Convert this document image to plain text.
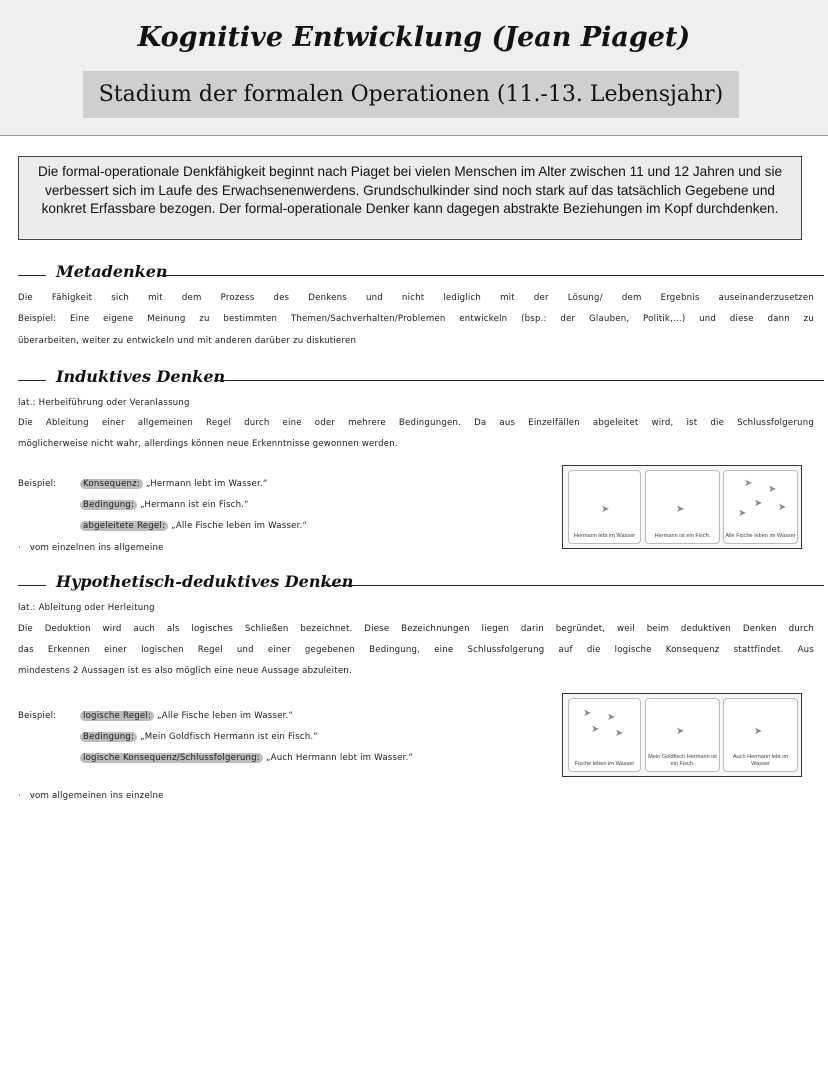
Kognitive Entwicklung (Jean Piaget)
Stadium der formalen Operationen (11.-13. Lebensjahr)
Die formal-operationale Denkfähigkeit beginnt nach Piaget bei vielen Menschen im Alter zwischen 11 und 12 Jahren und sie verbessert sich im Laufe des Erwachsenenwerdens. Grundschulkinder sind noch stark auf das tatsächlich Gegebene und konkret Erfassbare bezogen. Der formal-operationale Denker kann dagegen abstrakte Beziehungen im Kopf durchdenken.
Metadenken
Die Fähigkeit sich mit dem Prozess des Denkens und nicht lediglich mit der Lösung/ dem Ergebnis auseinanderzusetzen
Beispiel: Eine eigene Meinung zu bestimmten Themen/Sachverhalten/Problemen entwickeln (bsp.: der Glauben, Politik,...) und diese dann zu
überarbeiten, weiter zu entwickeln und mit anderen darüber zu diskutieren
Induktives Denken
lat.: Herbeiführung oder Veranlassung
Die Ableitung einer allgemeinen Regel durch eine oder mehrere Bedingungen. Da aus Einzelfällen abgeleitet wird, ist die Schlussfolgerung
möglicherweise nicht wahr, allerdings können neue Erkenntnisse gewonnen werden.
Beispiel:	Konsequenz: „Hermann lebt im Wasser.“
Bedingung: „Hermann ist ein Fisch.“
abgeleitete Regel: „Alle Fische leben im Wasser.“
·   vom einzelnen ins allgemeine
➤
Hermann lebt im Wasser
➤
Hermann ist ein Fisch.
➤
➤
➤ ➤
➤
Alle Fische leben im Wasser
Hypothetisch-deduktives Denken
lat.: Ableitung oder Herleitung
Die Deduktion wird auch als logisches Schließen bezeichnet. Diese Bezeichnungen liegen darin begründet, weil beim deduktiven Denken durch
das Erkennen einer logischen Regel und einer gegebenen Bedingung, eine Schlussfolgerung auf die logische Konsequenz stattfindet. Aus
mindestens 2 Aussagen ist es also möglich eine neue Aussage abzuleiten.
Beispiel:	logische Regel: „Alle Fische leben im Wasser.“
Bedingung: „Mein Goldfisch Hermann ist ein Fisch.“
logische Konsequenz/Schlussfolgerung: „Auch Hermann lebt im Wasser.“
·   vom allgemeinen ins einzelne
➤ ➤
➤ ➤
Fische leben im Wasser
➤
Mein Goldfisch Hermann ist ein Fisch.
➤
Auch Hermann lebt im Wasser
